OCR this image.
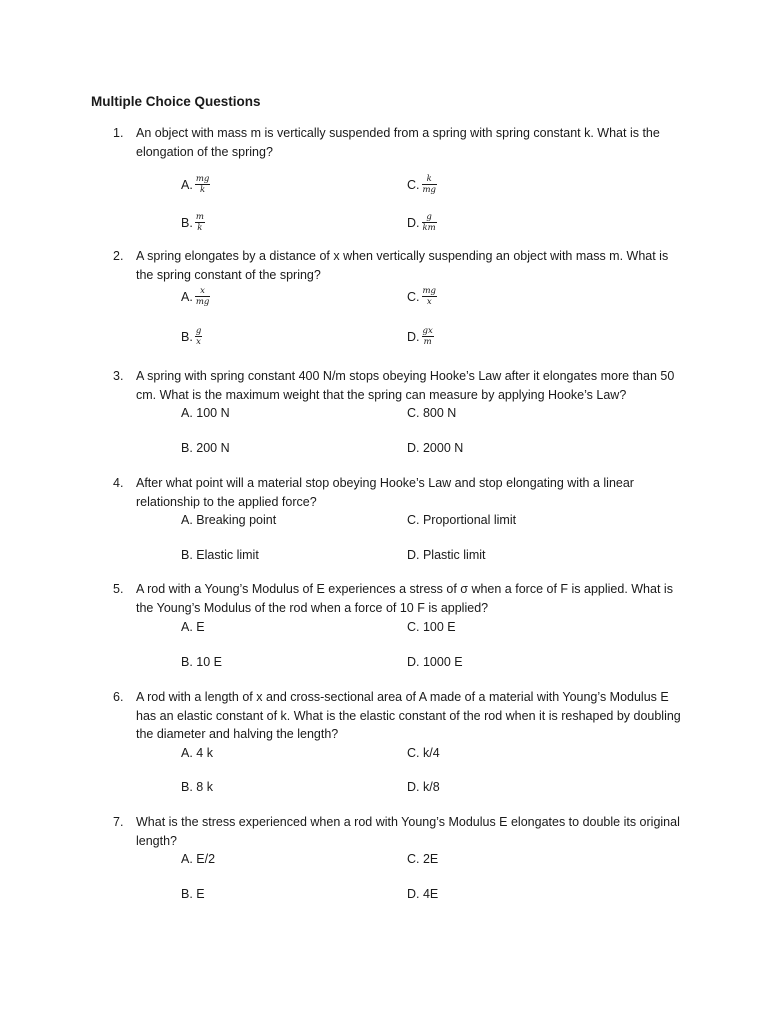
Multiple Choice Questions
1. An object with mass m is vertically suspended from a spring with spring constant k. What is the elongation of the spring?
A. $\frac{mg}{k}$
B. $\frac{m}{k}$
C. $\frac{k}{mg}$
D. $\frac{g}{km}$
2. A spring elongates by a distance of x when vertically suspending an object with mass m. What is the spring constant of the spring?
A. $\frac{x}{mg}$
B. $\frac{g}{x}$
C. $\frac{mg}{x}$
D. $\frac{gx}{m}$
3. A spring with spring constant 400 N/m stops obeying Hooke’s Law after it elongates more than 50 cm. What is the maximum weight that the spring can measure by applying Hooke’s Law?
A. 100 N
B. 200 N
C. 800 N
D. 2000 N
4. After what point will a material stop obeying Hooke’s Law and stop elongating with a linear relationship to the applied force?
A. Breaking point
B. Elastic limit
C. Proportional limit
D. Plastic limit
5. A rod with a Young’s Modulus of E experiences a stress of σ when a force of F is applied. What is the Young’s Modulus of the rod when a force of 10 F is applied?
A. E
B. 10 E
C. 100 E
D. 1000 E
6. A rod with a length of x and cross-sectional area of A made of a material with Young’s Modulus E has an elastic constant of k. What is the elastic constant of the rod when it is reshaped by doubling the diameter and halving the length?
A. 4 k
B. 8 k
C. k/4
D. k/8
7. What is the stress experienced when a rod with Young’s Modulus E elongates to double its original length?
A. E/2
B. E
C. 2E
D. 4E
